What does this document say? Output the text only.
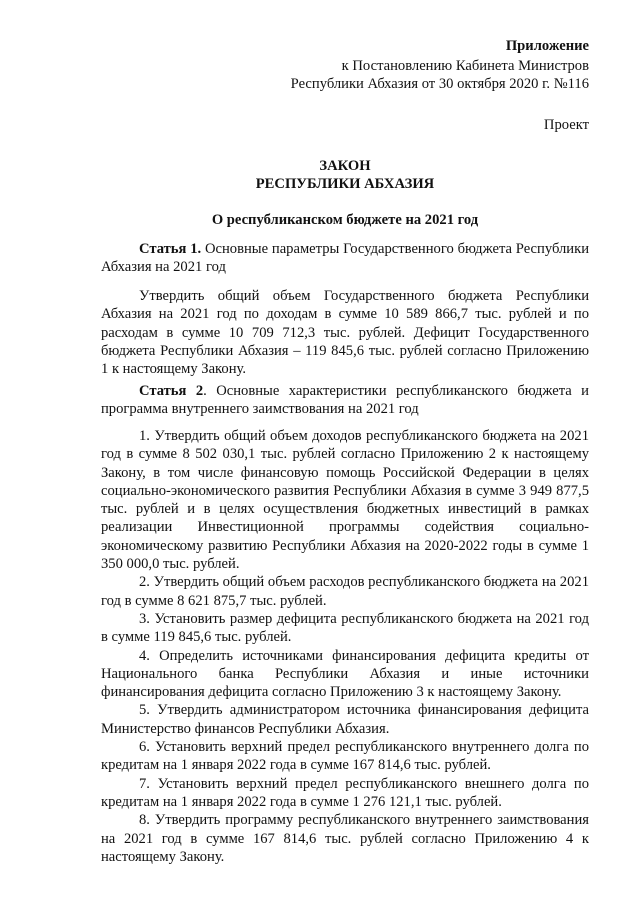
Приложение
к Постановлению Кабинета Министров
Республики Абхазия от 30 октября 2020 г. №116
Проект
ЗАКОН
РЕСПУБЛИКИ АБХАЗИЯ
О республиканском бюджете на 2021 год
Статья 1. Основные параметры Государственного бюджета Республики Абхазия на 2021 год
Утвердить общий объем Государственного бюджета Республики Абхазия на 2021 год по доходам в сумме 10 589 866,7 тыс. рублей и по расходам в сумме 10 709 712,3 тыс. рублей. Дефицит Государственного бюджета Республики Абхазия – 119 845,6 тыс. рублей согласно Приложению 1 к настоящему Закону.
Статья 2. Основные характеристики республиканского бюджета и программа внутреннего заимствования на 2021 год
1. Утвердить общий объем доходов республиканского бюджета на 2021 год в сумме 8 502 030,1 тыс. рублей согласно Приложению 2 к настоящему Закону, в том числе финансовую помощь Российской Федерации в целях социально-экономического развития Республики Абхазия в сумме 3 949 877,5 тыс. рублей и в целях осуществления бюджетных инвестиций в рамках реализации Инвестиционной программы содействия социально-экономическому развитию Республики Абхазия на 2020-2022 годы в сумме 1 350 000,0 тыс. рублей.
2. Утвердить общий объем расходов республиканского бюджета на 2021 год в сумме 8 621 875,7 тыс. рублей.
3. Установить размер дефицита республиканского бюджета на 2021 год в сумме 119 845,6 тыс. рублей.
4. Определить источниками финансирования дефицита кредиты от Национального банка Республики Абхазия и иные источники финансирования дефицита согласно Приложению 3 к настоящему Закону.
5. Утвердить администратором источника финансирования дефицита Министерство финансов Республики Абхазия.
6. Установить верхний предел республиканского внутреннего долга по кредитам на 1 января 2022 года в сумме 167 814,6 тыс. рублей.
7. Установить верхний предел республиканского внешнего долга по кредитам на 1 января 2022 года в сумме 1 276 121,1 тыс. рублей.
8. Утвердить программу республиканского внутреннего заимствования на 2021 год в сумме 167 814,6 тыс. рублей согласно Приложению 4 к настоящему Закону.
